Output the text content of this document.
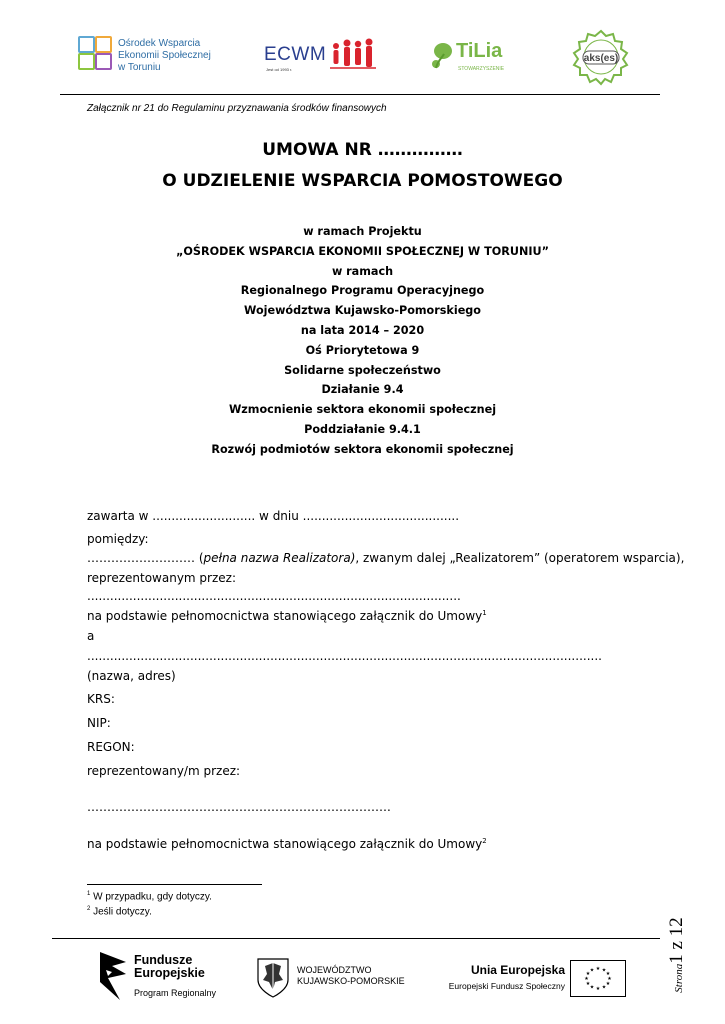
Ośrodek Wsparcia
Ekonomii Społecznej
w Toruniu
ECWM
Jest od 1993 r.
TiLia
STOWARZYSZENIE
aks(es)
Załącznik nr 21 do Regulaminu przyznawania środków finansowych
UMOWA NR ……………
O UDZIELENIE WSPARCIA POMOSTOWEGO
w ramach Projektu
„OŚRODEK WSPARCIA EKONOMII SPOŁECZNEJ W TORUNIU”
w ramach
Regionalnego Programu Operacyjnego
Województwa Kujawsko-Pomorskiego
na lata 2014 – 2020
Oś Priorytetowa 9
Solidarne społeczeństwo
Działanie 9.4
Wzmocnienie sektora ekonomii społecznej
Poddziałanie 9.4.1
Rozwój podmiotów sektora ekonomii społecznej
zawarta w ........................... w dniu .........................................
pomiędzy:
……………………… (pełna nazwa Realizatora), zwanym dalej „Realizatorem” (operatorem wsparcia),
reprezentowanym przez:
..................................................................................................
na podstawie pełnomocnictwa stanowiącego załącznik do Umowy$^1$
a
.......................................................................................................................................
(nazwa, adres)
KRS:
NIP:
REGON:
reprezentowany/m przez:
………………………………………………………………….
na podstawie pełnomocnictwa stanowiącego załącznik do Umowy$^2$
$^1$ W przypadku, gdy dotyczy.
$^2$ Jeśli dotyczy.
Strona1 z 12
Fundusze
Europejskie
Program Regionalny
WOJEWÓDZTWO
KUJAWSKO-POMORSKIE
Unia Europejska
Europejski Fundusz Społeczny
★ ★
★
★
★
★
★
★
★
★
★
★
